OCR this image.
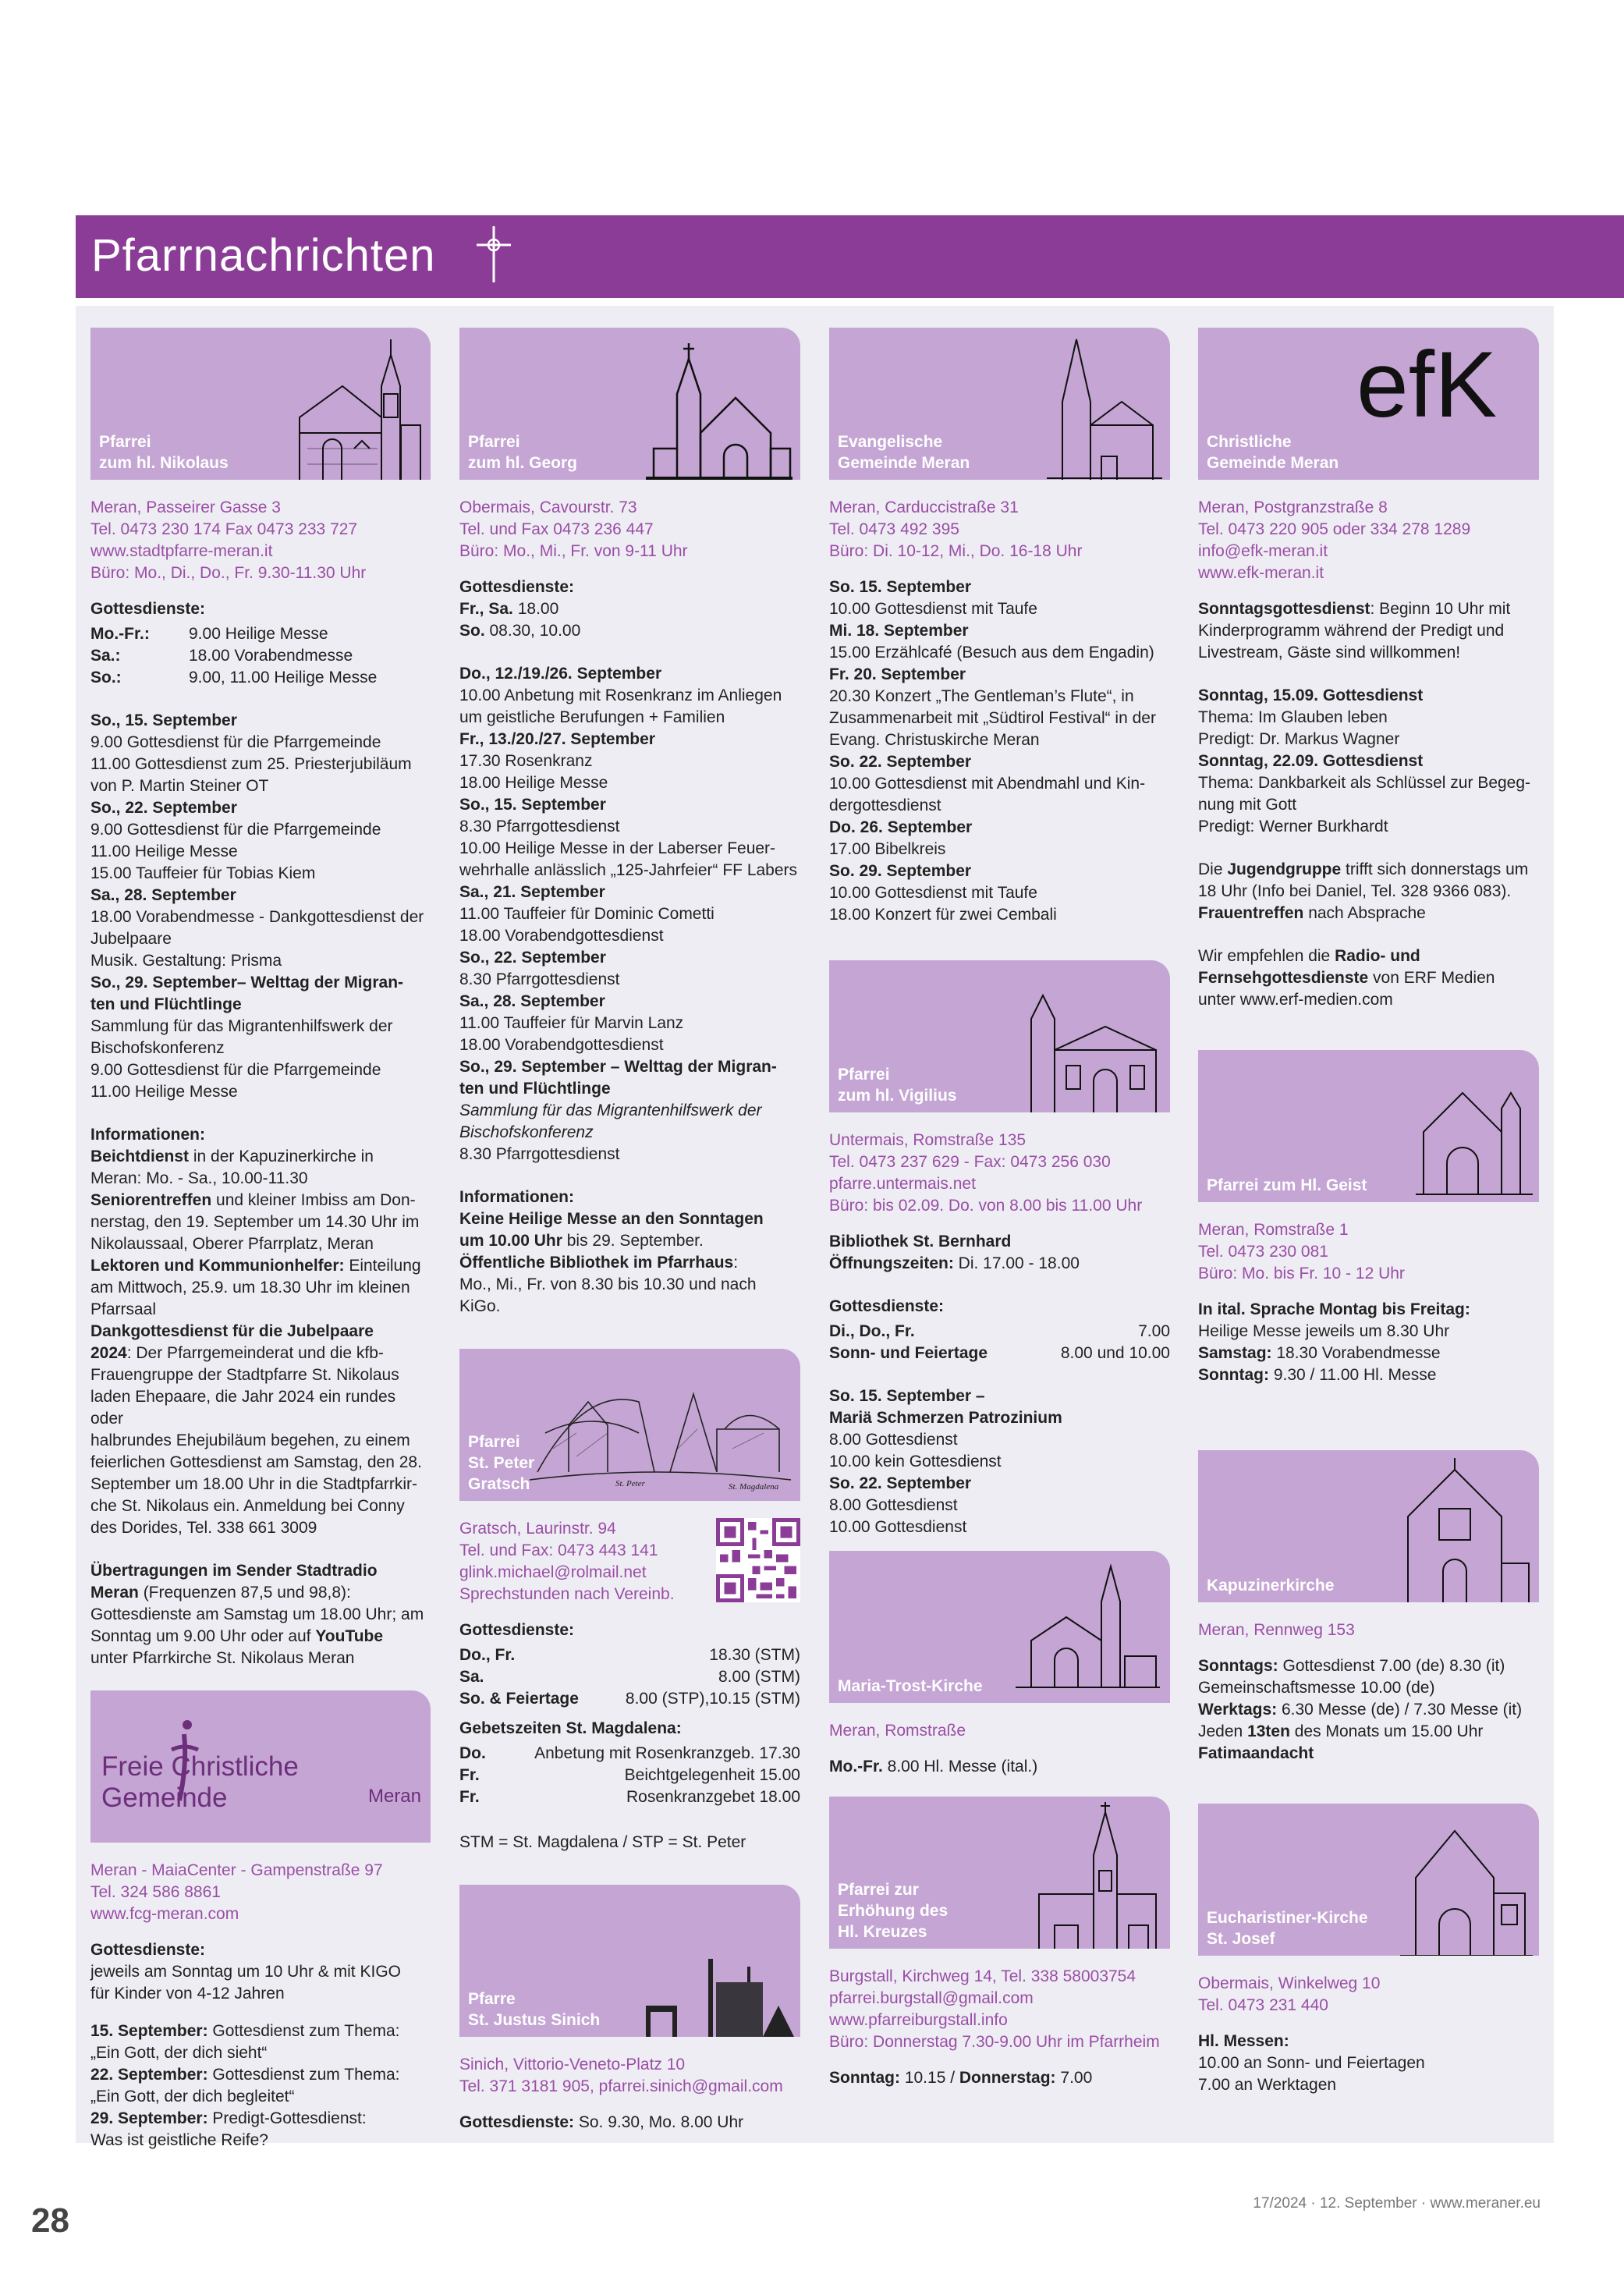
Pfarrnachrichten
Pfarrei
zum hl. Nikolaus
Meran, Passeirer Gasse 3
Tel. 0473 230 174 Fax 0473 233 727
www.stadtpfarre-meran.it
Büro: Mo., Di., Do., Fr. 9.30-11.30 Uhr
Gottesdienste:
Mo.-Fr.:	9.00 Heilige Messe
Sa.:	18.00 Vorabendmesse
So.:	9.00, 11.00 Heilige Messe
So., 15. September
9.00 Gottesdienst für die Pfarrgemeinde
11.00 Gottesdienst zum 25. Priesterjubiläum
von P. Martin Steiner OT
So., 22. September
9.00 Gottesdienst für die Pfarrgemeinde
11.00 Heilige Messe
15.00 Tauffeier für Tobias Kiem
Sa., 28. September
18.00 Vorabendmesse - Dankgottesdienst der
Jubelpaare
Musik. Gestaltung: Prisma
So., 29. September– Welttag der Migran-
ten und Flüchtlinge
Sammlung für das Migrantenhilfswerk der
Bischofskonferenz
9.00 Gottesdienst für die Pfarrgemeinde
11.00 Heilige Messe
Informationen:
Beichtdienst in der Kapuzinerkirche in
Meran: Mo. - Sa., 10.00-11.30
Seniorentreffen und kleiner Imbiss am Don-
nerstag, den 19. September um 14.30 Uhr im
Nikolaussaal, Oberer Pfarrplatz, Meran
Lektoren und Kommunionhelfer: Einteilung
am Mittwoch, 25.9. um 18.30 Uhr im kleinen
Pfarrsaal
Dankgottesdienst für die Jubelpaare
2024: Der Pfarrgemeinderat und die kfb-
Frauengruppe der Stadtpfarre St. Nikolaus
laden Ehepaare, die Jahr 2024 ein rundes oder
halbrundes Ehejubiläum begehen, zu einem
feierlichen Gottesdienst am Samstag, den 28.
September um 18.00 Uhr in die Stadtpfarrkir-
che St. Nikolaus ein. Anmeldung bei Conny
des Dorides, Tel. 338 661 3009
Übertragungen im Sender Stadtradio
Meran (Frequenzen 87,5 und 98,8):
Gottesdienste am Samstag um 18.00 Uhr; am
Sonntag um 9.00 Uhr oder auf YouTube
unter Pfarrkirche St. Nikolaus Meran
Freie Christliche Gemeinde	Meran
Meran - MaiaCenter - Gampenstraße 97
Tel. 324 586 8861
www.fcg-meran.com
Gottesdienste:
jeweils am Sonntag um 10 Uhr & mit KIGO
für Kinder von 4-12 Jahren
15. September: Gottesdienst zum Thema:
„Ein Gott, der dich sieht“
22. September: Gottesdienst zum Thema:
„Ein Gott, der dich begleitet“
29. September: Predigt-Gottesdienst:
Was ist geistliche Reife?
Pfarrei
zum hl. Georg
Obermais, Cavourstr. 73
Tel. und Fax 0473 236 447
Büro: Mo., Mi., Fr. von 9-11 Uhr
Gottesdienste:
Fr., Sa. 18.00
So. 08.30, 10.00
Do., 12./19./26. September
10.00 Anbetung mit Rosenkranz im Anliegen
um geistliche Berufungen + Familien
Fr., 13./20./27. September
17.30 Rosenkranz
18.00 Heilige Messe
So., 15. September
8.30 Pfarrgottesdienst
10.00 Heilige Messe in der Laberser Feuer-
wehrhalle anlässlich „125-Jahrfeier“ FF Labers
Sa., 21. September
11.00 Tauffeier für Dominic Cometti
18.00 Vorabendgottesdienst
So., 22. September
8.30 Pfarrgottesdienst
Sa., 28. September
11.00 Tauffeier für Marvin Lanz
18.00 Vorabendgottesdienst
So., 29. September – Welttag der Migran-
ten und Flüchtlinge
Sammlung für das Migrantenhilfswerk der
Bischofskonferenz
8.30 Pfarrgottesdienst
Informationen:
Keine Heilige Messe an den Sonntagen
um 10.00 Uhr bis 29. September.
Öffentliche Bibliothek im Pfarrhaus:
Mo., Mi., Fr. von 8.30 bis 10.30 und nach KiGo.
St. Peter	St. Magdalena
Pfarrei
St. Peter
Gratsch
Gratsch, Laurinstr. 94
Tel. und Fax: 0473 443 141
glink.michael@rolmail.net
Sprechstunden nach Vereinb.
Gottesdienste:
Do., Fr.	18.30 (STM)
Sa.	8.00 (STM)
So. & Feiertage	8.00 (STP),10.15 (STM)
Gebetszeiten St. Magdalena:
Do.	Anbetung mit Rosenkranzgeb. 17.30
Fr.	Beichtgelegenheit 15.00
Fr.	Rosenkranzgebet 18.00
STM = St. Magdalena / STP = St. Peter
Pfarre
St. Justus Sinich
Sinich, Vittorio-Veneto-Platz 10
Tel. 371 3181 905, pfarrei.sinich@gmail.com
Gottesdienste: So. 9.30, Mo. 8.00 Uhr
Evangelische
Gemeinde Meran
Meran, Carduccistraße 31
Tel. 0473 492 395
Büro: Di. 10-12, Mi., Do. 16-18 Uhr
So. 15. September
10.00 Gottesdienst mit Taufe
Mi. 18. September
15.00 Erzählcafé (Besuch aus dem Engadin)
Fr. 20. September
20.30 Konzert „The Gentleman’s Flute“, in
Zusammenarbeit mit „Südtirol Festival“ in der
Evang. Christuskirche Meran
So. 22. September
10.00 Gottesdienst mit Abendmahl und Kin-
dergottesdienst
Do. 26. September
17.00 Bibelkreis
So. 29. September
10.00 Gottesdienst mit Taufe
18.00 Konzert für zwei Cembali
Pfarrei
zum hl. Vigilius
Untermais, Romstraße 135
Tel. 0473 237 629 - Fax: 0473 256 030
pfarre.untermais.net
Büro: bis 02.09. Do. von 8.00 bis 11.00 Uhr
Bibliothek St. Bernhard
Öffnungszeiten: Di. 17.00 - 18.00
Gottesdienste:
Di., Do., Fr.	7.00
Sonn- und Feiertage	8.00 und 10.00
So. 15. September –
Mariä Schmerzen Patrozinium
8.00 Gottesdienst
10.00 kein Gottesdienst
So. 22. September
8.00 Gottesdienst
10.00 Gottesdienst
Maria-Trost-Kirche
Meran, Romstraße
Mo.-Fr. 8.00 Hl. Messe (ital.)
Pfarrei zur
Erhöhung des
Hl. Kreuzes
Burgstall, Kirchweg 14, Tel. 338 58003754
pfarrei.burgstall@gmail.com
www.pfarreiburgstall.info
Büro: Donnerstag 7.30-9.00 Uhr im Pfarrheim
Sonntag: 10.15 / Donnerstag: 7.00
Christliche
Gemeinde Meran
efK
Meran, Postgranzstraße 8
Tel. 0473 220 905 oder 334 278 1289
info@efk-meran.it
www.efk-meran.it
Sonntagsgottesdienst: Beginn 10 Uhr mit
Kinderprogramm während der Predigt und
Livestream, Gäste sind willkommen!
Sonntag, 15.09. Gottesdienst
Thema: Im Glauben leben
Predigt: Dr. Markus Wagner
Sonntag, 22.09. Gottesdienst
Thema: Dankbarkeit als Schlüssel zur Begeg-
nung mit Gott
Predigt: Werner Burkhardt
Die Jugendgruppe trifft sich donnerstags um
18 Uhr (Info bei Daniel, Tel. 328 9366 083).
Frauentreffen nach Absprache
Wir empfehlen die Radio- und
Fernsehgottesdienste von ERF Medien
unter www.erf-medien.com
Pfarrei zum Hl. Geist
Meran, Romstraße 1
Tel. 0473 230 081
Büro: Mo. bis Fr. 10 - 12 Uhr
In ital. Sprache Montag bis Freitag:
Heilige Messe jeweils um 8.30 Uhr
Samstag: 18.30 Vorabendmesse
Sonntag: 9.30 / 11.00 Hl. Messe
Kapuzinerkirche
Meran, Rennweg 153
Sonntags: Gottesdienst 7.00 (de) 8.30 (it)
Gemeinschaftsmesse 10.00 (de)
Werktags: 6.30 Messe (de) / 7.30 Messe (it)
Jeden 13ten des Monats um 15.00 Uhr
Fatimaandacht
Eucharistiner-Kirche
St. Josef
Obermais, Winkelweg 10
Tel. 0473 231 440
Hl. Messen:
10.00 an Sonn- und Feiertagen
7.00 an Werktagen
28	17/2024 · 12. September · www.meraner.eu
